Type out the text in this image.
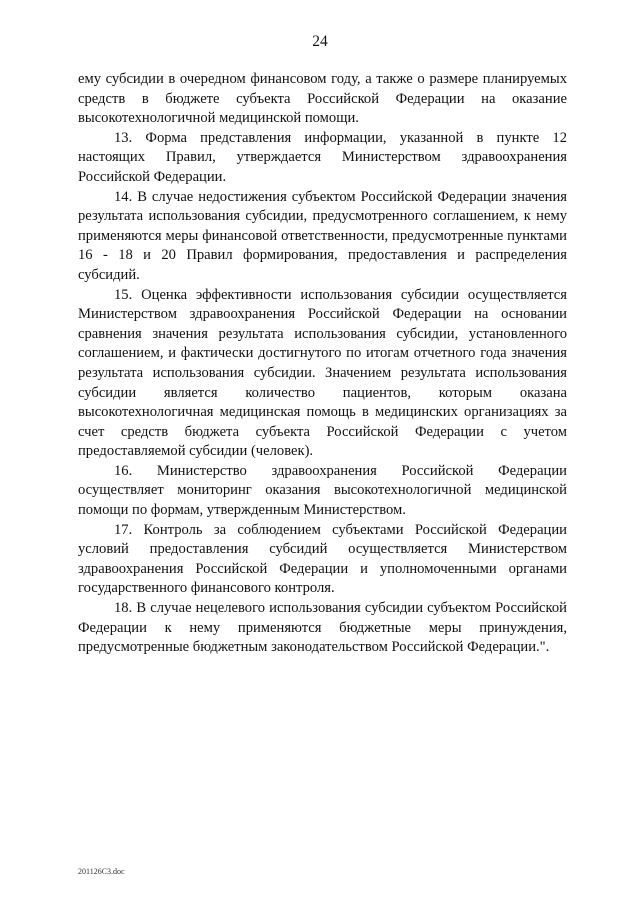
24

ему субсидии в очередном финансовом году, а также о размере планируемых средств в бюджете субъекта Российской Федерации на оказание высокотехнологичной медицинской помощи.

13. Форма представления информации, указанной в пункте 12 настоящих Правил, утверждается Министерством здравоохранения Российской Федерации.

14. В случае недостижения субъектом Российской Федерации значения результата использования субсидии, предусмотренного соглашением, к нему применяются меры финансовой ответственности, предусмотренные пунктами 16 - 18 и 20 Правил формирования, предоставления и распределения субсидий.

15. Оценка эффективности использования субсидии осуществляется Министерством здравоохранения Российской Федерации на основании сравнения значения результата использования субсидии, установленного соглашением, и фактически достигнутого по итогам отчетного года значения результата использования субсидии. Значением результата использования субсидии является количество пациентов, которым оказана высокотехнологичная медицинская помощь в медицинских организациях за счет средств бюджета субъекта Российской Федерации с учетом предоставляемой субсидии (человек).

16. Министерство здравоохранения Российской Федерации осуществляет мониторинг оказания высокотехнологичной медицинской помощи по формам, утвержденным Министерством.

17. Контроль за соблюдением субъектами Российской Федерации условий предоставления субсидий осуществляется Министерством здравоохранения Российской Федерации и уполномоченными органами государственного финансового контроля.

18. В случае нецелевого использования субсидии субъектом Российской Федерации к нему применяются бюджетные меры принуждения, предусмотренные бюджетным законодательством Российской Федерации.".

201126С3.doc
